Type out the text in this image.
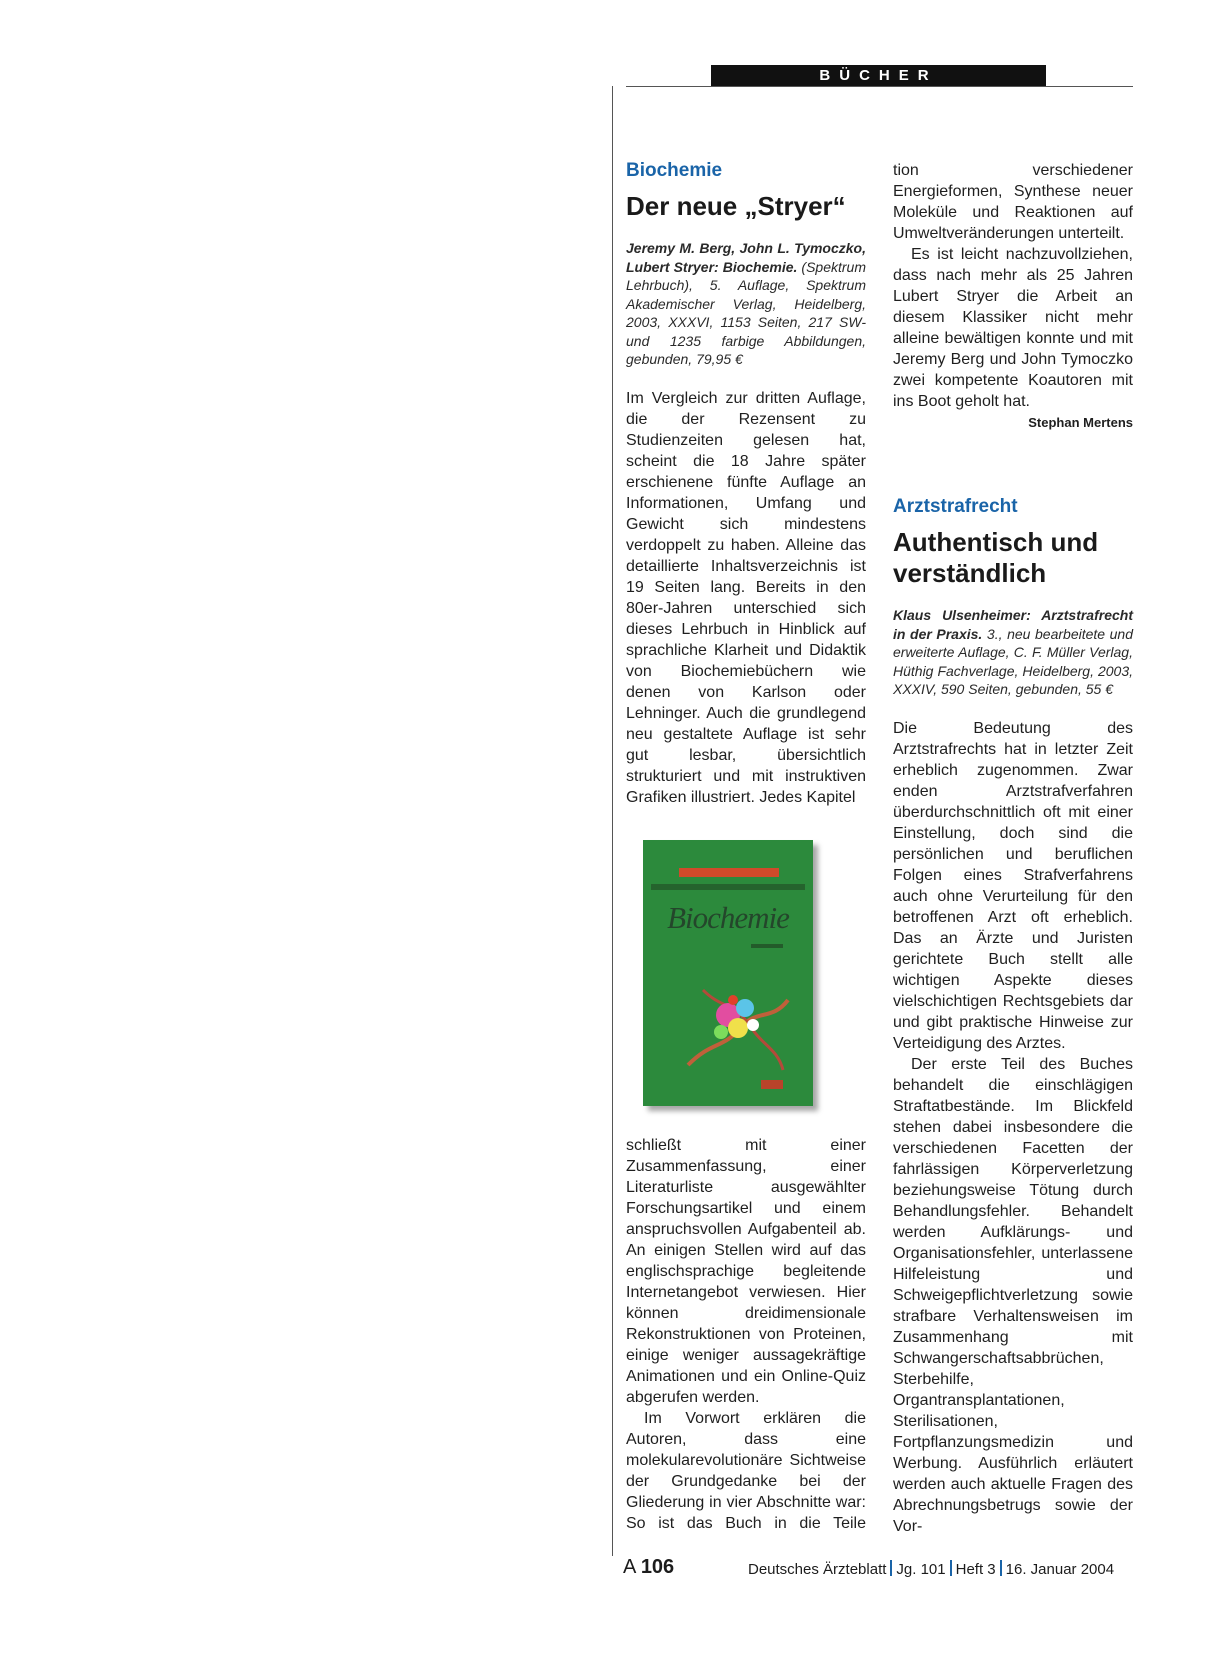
BÜCHER

Biochemie

Der neue „Stryer“

Jeremy M. Berg, John L. Tymoczko, Lubert Stryer: Biochemie. (Spektrum Lehrbuch), 5. Auflage, Spektrum Akademischer Verlag, Heidelberg, 2003, XXXVI, 1153 Seiten, 217 SW- und 1235 farbige Abbildungen, gebunden, 79,95 €

Im Vergleich zur dritten Auflage, die der Rezensent zu Studienzeiten gelesen hat, scheint die 18 Jahre später erschienene fünfte Auflage an Informationen, Umfang und Gewicht sich mindestens verdoppelt zu haben. Alleine das detaillierte Inhaltsverzeichnis ist 19 Seiten lang. Bereits in den 80er-Jahren unterschied sich dieses Lehrbuch in Hinblick auf sprachliche Klarheit und Didaktik von Biochemiebüchern wie denen von Karlson oder Lehninger. Auch die grundlegend neu gestaltete Auflage ist sehr gut lesbar, übersichtlich strukturiert und mit instruktiven Grafiken illustriert. Jedes Kapitel

Biochemie

schließt mit einer Zusammenfassung, einer Literaturliste ausgewählter Forschungsartikel und einem anspruchsvollen Aufgabenteil ab. An einigen Stellen wird auf das englischsprachige begleitende Internetangebot verwiesen. Hier können dreidimensionale Rekonstruktionen von Proteinen, einige weniger aussagekräftige Animationen und ein Online-Quiz abgerufen werden.

Im Vorwort erklären die Autoren, dass eine molekularevolutionäre Sichtweise der Grundgedanke bei der Gliederung in vier Abschnitte war: So ist das Buch in die Teile

tion verschiedener Energieformen, Synthese neuer Moleküle und Reaktionen auf Umweltveränderungen unterteilt.

Es ist leicht nachzuvollziehen, dass nach mehr als 25 Jahren Lubert Stryer die Arbeit an diesem Klassiker nicht mehr alleine bewältigen konnte und mit Jeremy Berg und John Tymoczko zwei kompetente Koautoren mit ins Boot geholt hat.
Stephan Mertens

Arztstrafrecht

Authentisch und verständlich

Klaus Ulsenheimer: Arztstrafrecht in der Praxis. 3., neu bearbeitete und erweiterte Auflage, C. F. Müller Verlag, Hüthig Fachverlage, Heidelberg, 2003, XXXIV, 590 Seiten, gebunden, 55 €

Die Bedeutung des Arztstrafrechts hat in letzter Zeit erheblich zugenommen. Zwar enden Arztstrafverfahren überdurchschnittlich oft mit einer Einstellung, doch sind die persönlichen und beruflichen Folgen eines Strafverfahrens auch ohne Verurteilung für den betroffenen Arzt oft erheblich. Das an Ärzte und Juristen gerichtete Buch stellt alle wichtigen Aspekte dieses vielschichtigen Rechtsgebiets dar und gibt praktische Hinweise zur Verteidigung des Arztes.

Der erste Teil des Buches behandelt die einschlägigen Straftatbestände. Im Blickfeld stehen dabei insbesondere die verschiedenen Facetten der fahrlässigen Körperverletzung beziehungsweise Tötung durch Behandlungsfehler. Behandelt werden Aufklärungs- und Organisationsfehler, unterlassene Hilfeleistung und Schweigepflichtverletzung sowie strafbare Verhaltensweisen im Zusammenhang mit Schwangerschaftsabbrüchen, Sterbehilfe, Organtransplantationen, Sterilisationen, Fortpflanzungsmedizin und Werbung. Ausführlich erläutert werden auch aktuelle Fragen des Abrechnungsbetrugs sowie der Vor-

A 106	Deutsches Ärzteblatt Jg. 101 Heft 3 16. Januar 2004
